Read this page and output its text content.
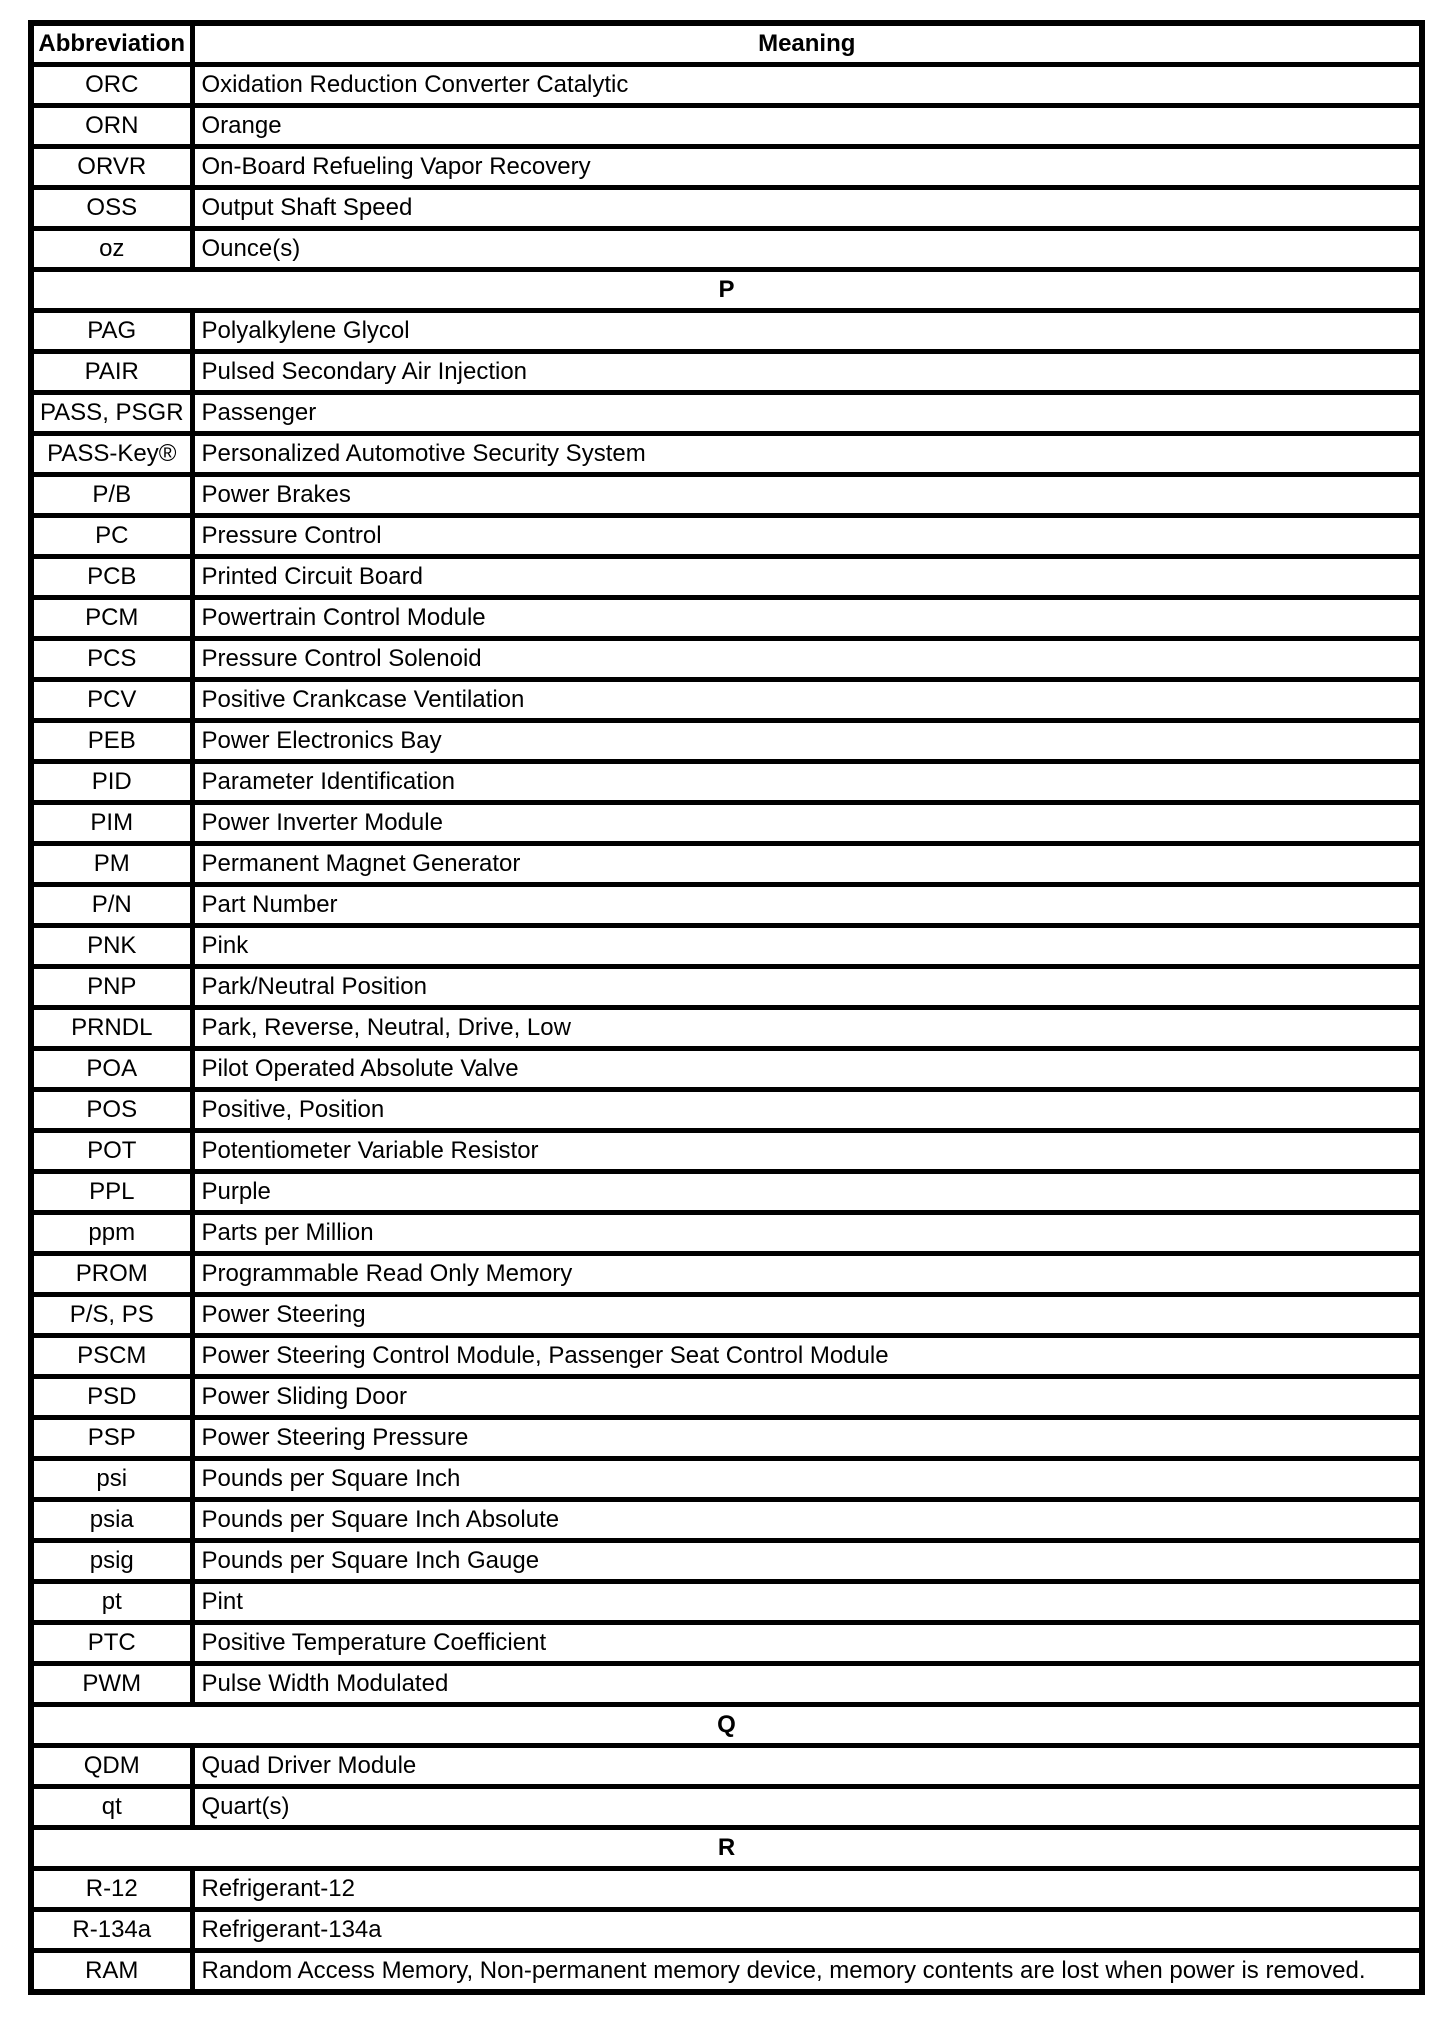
Abbreviation	Meaning
ORC	Oxidation Reduction Converter Catalytic
ORN	Orange
ORVR	On-Board Refueling Vapor Recovery
OSS	Output Shaft Speed
oz	Ounce(s)
P	
PAG	Polyalkylene Glycol
PAIR	Pulsed Secondary Air Injection
PASS, PSGR	Passenger
PASS-Key®	Personalized Automotive Security System
P/B	Power Brakes
PC	Pressure Control
PCB	Printed Circuit Board
PCM	Powertrain Control Module
PCS	Pressure Control Solenoid
PCV	Positive Crankcase Ventilation
PEB	Power Electronics Bay
PID	Parameter Identification
PIM	Power Inverter Module
PM	Permanent Magnet Generator
P/N	Part Number
PNK	Pink
PNP	Park/Neutral Position
PRNDL	Park, Reverse, Neutral, Drive, Low
POA	Pilot Operated Absolute Valve
POS	Positive, Position
POT	Potentiometer Variable Resistor
PPL	Purple
ppm	Parts per Million
PROM	Programmable Read Only Memory
P/S, PS	Power Steering
PSCM	Power Steering Control Module, Passenger Seat Control Module
PSD	Power Sliding Door
PSP	Power Steering Pressure
psi	Pounds per Square Inch
psia	Pounds per Square Inch Absolute
psig	Pounds per Square Inch Gauge
pt	Pint
PTC	Positive Temperature Coefficient
PWM	Pulse Width Modulated
Q	
QDM	Quad Driver Module
qt	Quart(s)
R	
R-12	Refrigerant-12
R-134a	Refrigerant-134a
RAM	Random Access Memory, Non-permanent memory device, memory contents are lost when power is removed.
